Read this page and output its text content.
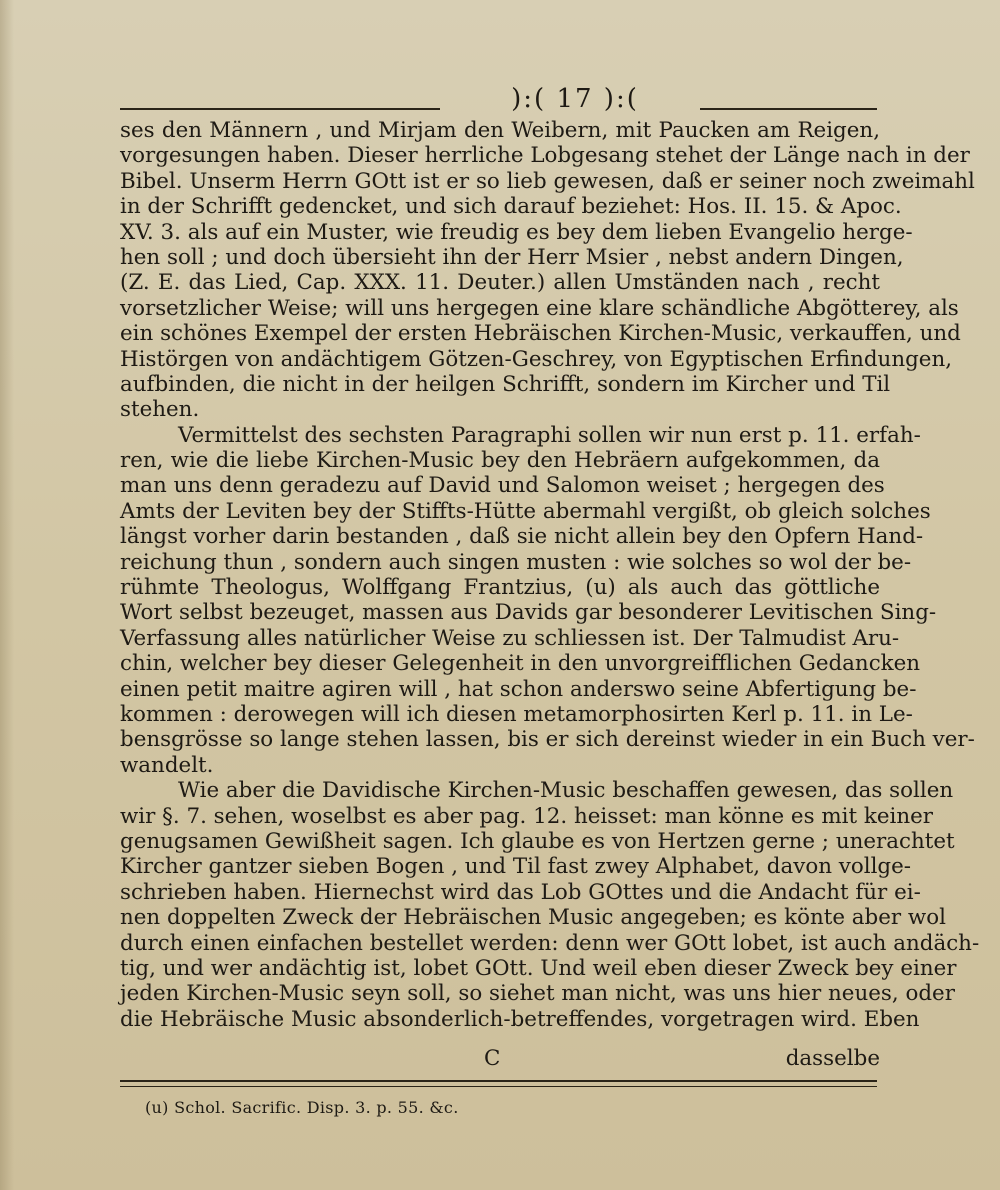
):( 17 ):(
ses den Männern , und Mirjam den Weibern, mit Paucken am Reigen,
vorgesungen haben. Dieser herrliche Lobgesang stehet der Länge nach in der
Bibel. Unserm Herrn GOtt ist er so lieb gewesen, daß er seiner noch zweimahl
in der Schrifft gedencket, und sich darauf beziehet: Hos. II. 15. & Apoc.
XV. 3. als auf ein Muster, wie freudig es bey dem lieben Evangelio herge-
hen soll ; und doch übersieht ihn der Herr Msier , nebst andern Dingen,
(Z. E. das Lied, Cap. XXX. 11. Deuter.) allen Umständen nach , recht
vorsetzlicher Weise; will uns hergegen eine klare schändliche Abgötterey, als
ein schönes Exempel der ersten Hebräischen Kirchen-Music, verkauffen, und
Histörgen von andächtigem Götzen-Geschrey, von Egyptischen Erfindungen,
aufbinden, die nicht in der heilgen Schrifft, sondern im Kircher und Til
stehen.
Vermittelst des sechsten Paragraphi sollen wir nun erst p. 11. erfah-
ren, wie die liebe Kirchen-Music bey den Hebräern aufgekommen, da
man uns denn geradezu auf David und Salomon weiset ; hergegen des
Amts der Leviten bey der Stiffts-Hütte abermahl vergißt, ob gleich solches
längst vorher darin bestanden , daß sie nicht allein bey den Opfern Hand-
reichung thun , sondern auch singen musten : wie solches so wol der be-
rühmte Theologus, Wolffgang Frantzius, (u) als auch das göttliche
Wort selbst bezeuget, massen aus Davids gar besonderer Levitischen Sing-
Verfassung alles natürlicher Weise zu schliessen ist. Der Talmudist Aru-
chin, welcher bey dieser Gelegenheit in den unvorgreifflichen Gedancken
einen petit maitre agiren will , hat schon anderswo seine Abfertigung be-
kommen : derowegen will ich diesen metamorphosirten Kerl p. 11. in Le-
bensgrösse so lange stehen lassen, bis er sich dereinst wieder in ein Buch ver-
wandelt.
Wie aber die Davidische Kirchen-Music beschaffen gewesen, das sollen
wir §. 7. sehen, woselbst es aber pag. 12. heisset: man könne es mit keiner
genugsamen Gewißheit sagen. Ich glaube es von Hertzen gerne ; unerachtet
Kircher gantzer sieben Bogen , und Til fast zwey Alphabet, davon vollge-
schrieben haben. Hiernechst wird das Lob GOttes und die Andacht für ei-
nen doppelten Zweck der Hebräischen Music angegeben; es könte aber wol
durch einen einfachen bestellet werden: denn wer GOtt lobet, ist auch andäch-
tig, und wer andächtig ist, lobet GOtt. Und weil eben dieser Zweck bey einer
jeden Kirchen-Music seyn soll, so siehet man nicht, was uns hier neues, oder
die Hebräische Music absonderlich-betreffendes, vorgetragen wird. Eben
C	dasselbe
(u) Schol. Sacrific. Disp. 3. p. 55. &c.
